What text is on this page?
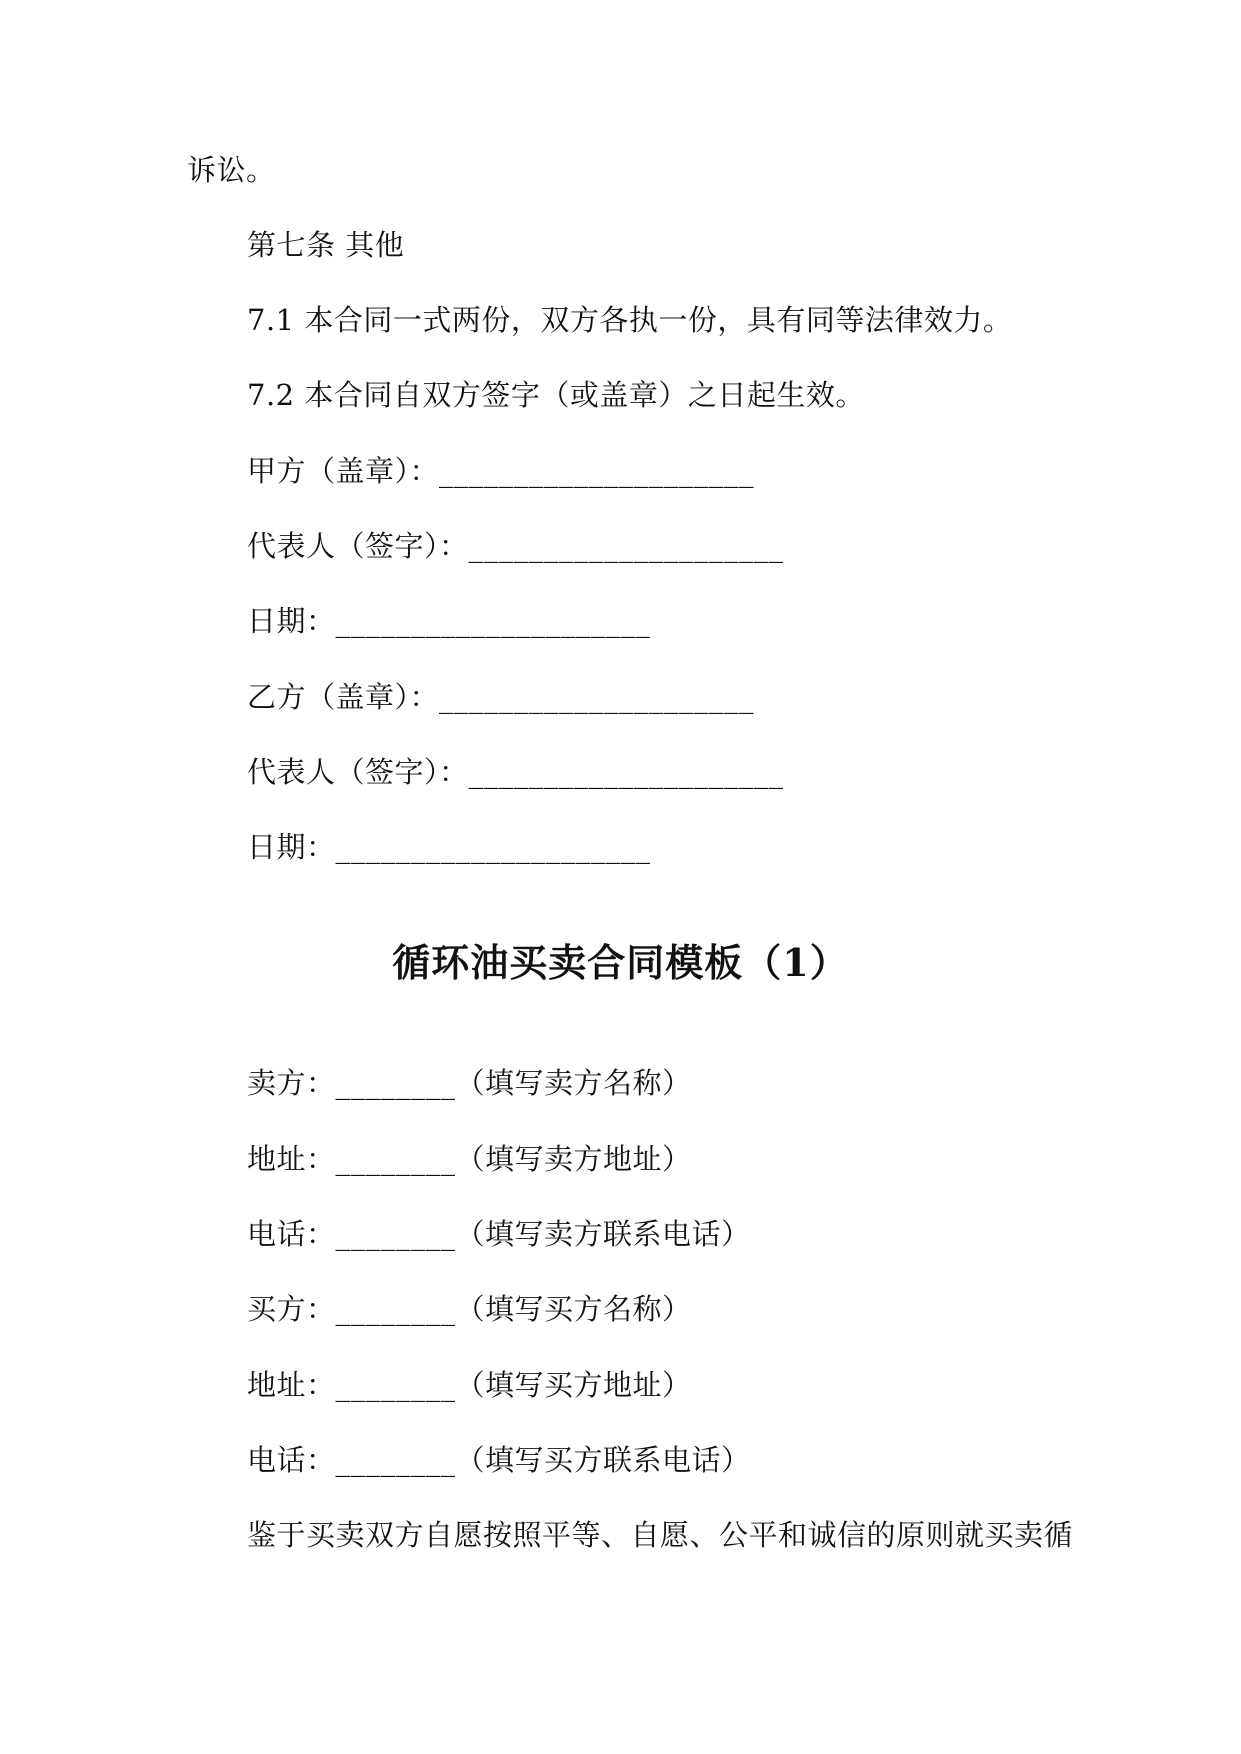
诉讼。
第七条 其他
7.1 本合同一式两份，双方各执一份，具有同等法律效力。
7.2 本合同自双方签字（或盖章）之日起生效。
甲方（盖章）：_____________________
代表人（签字）：_____________________
日期：_____________________
乙方（盖章）：_____________________
代表人（签字）：_____________________
日期：_____________________
循环油买卖合同模板（1）
卖方：________（填写卖方名称）
地址：________（填写卖方地址）
电话：________（填写卖方联系电话）
买方：________（填写买方名称）
地址：________（填写买方地址）
电话：________（填写买方联系电话）
鉴于买卖双方自愿按照平等、自愿、公平和诚信的原则就买卖循
